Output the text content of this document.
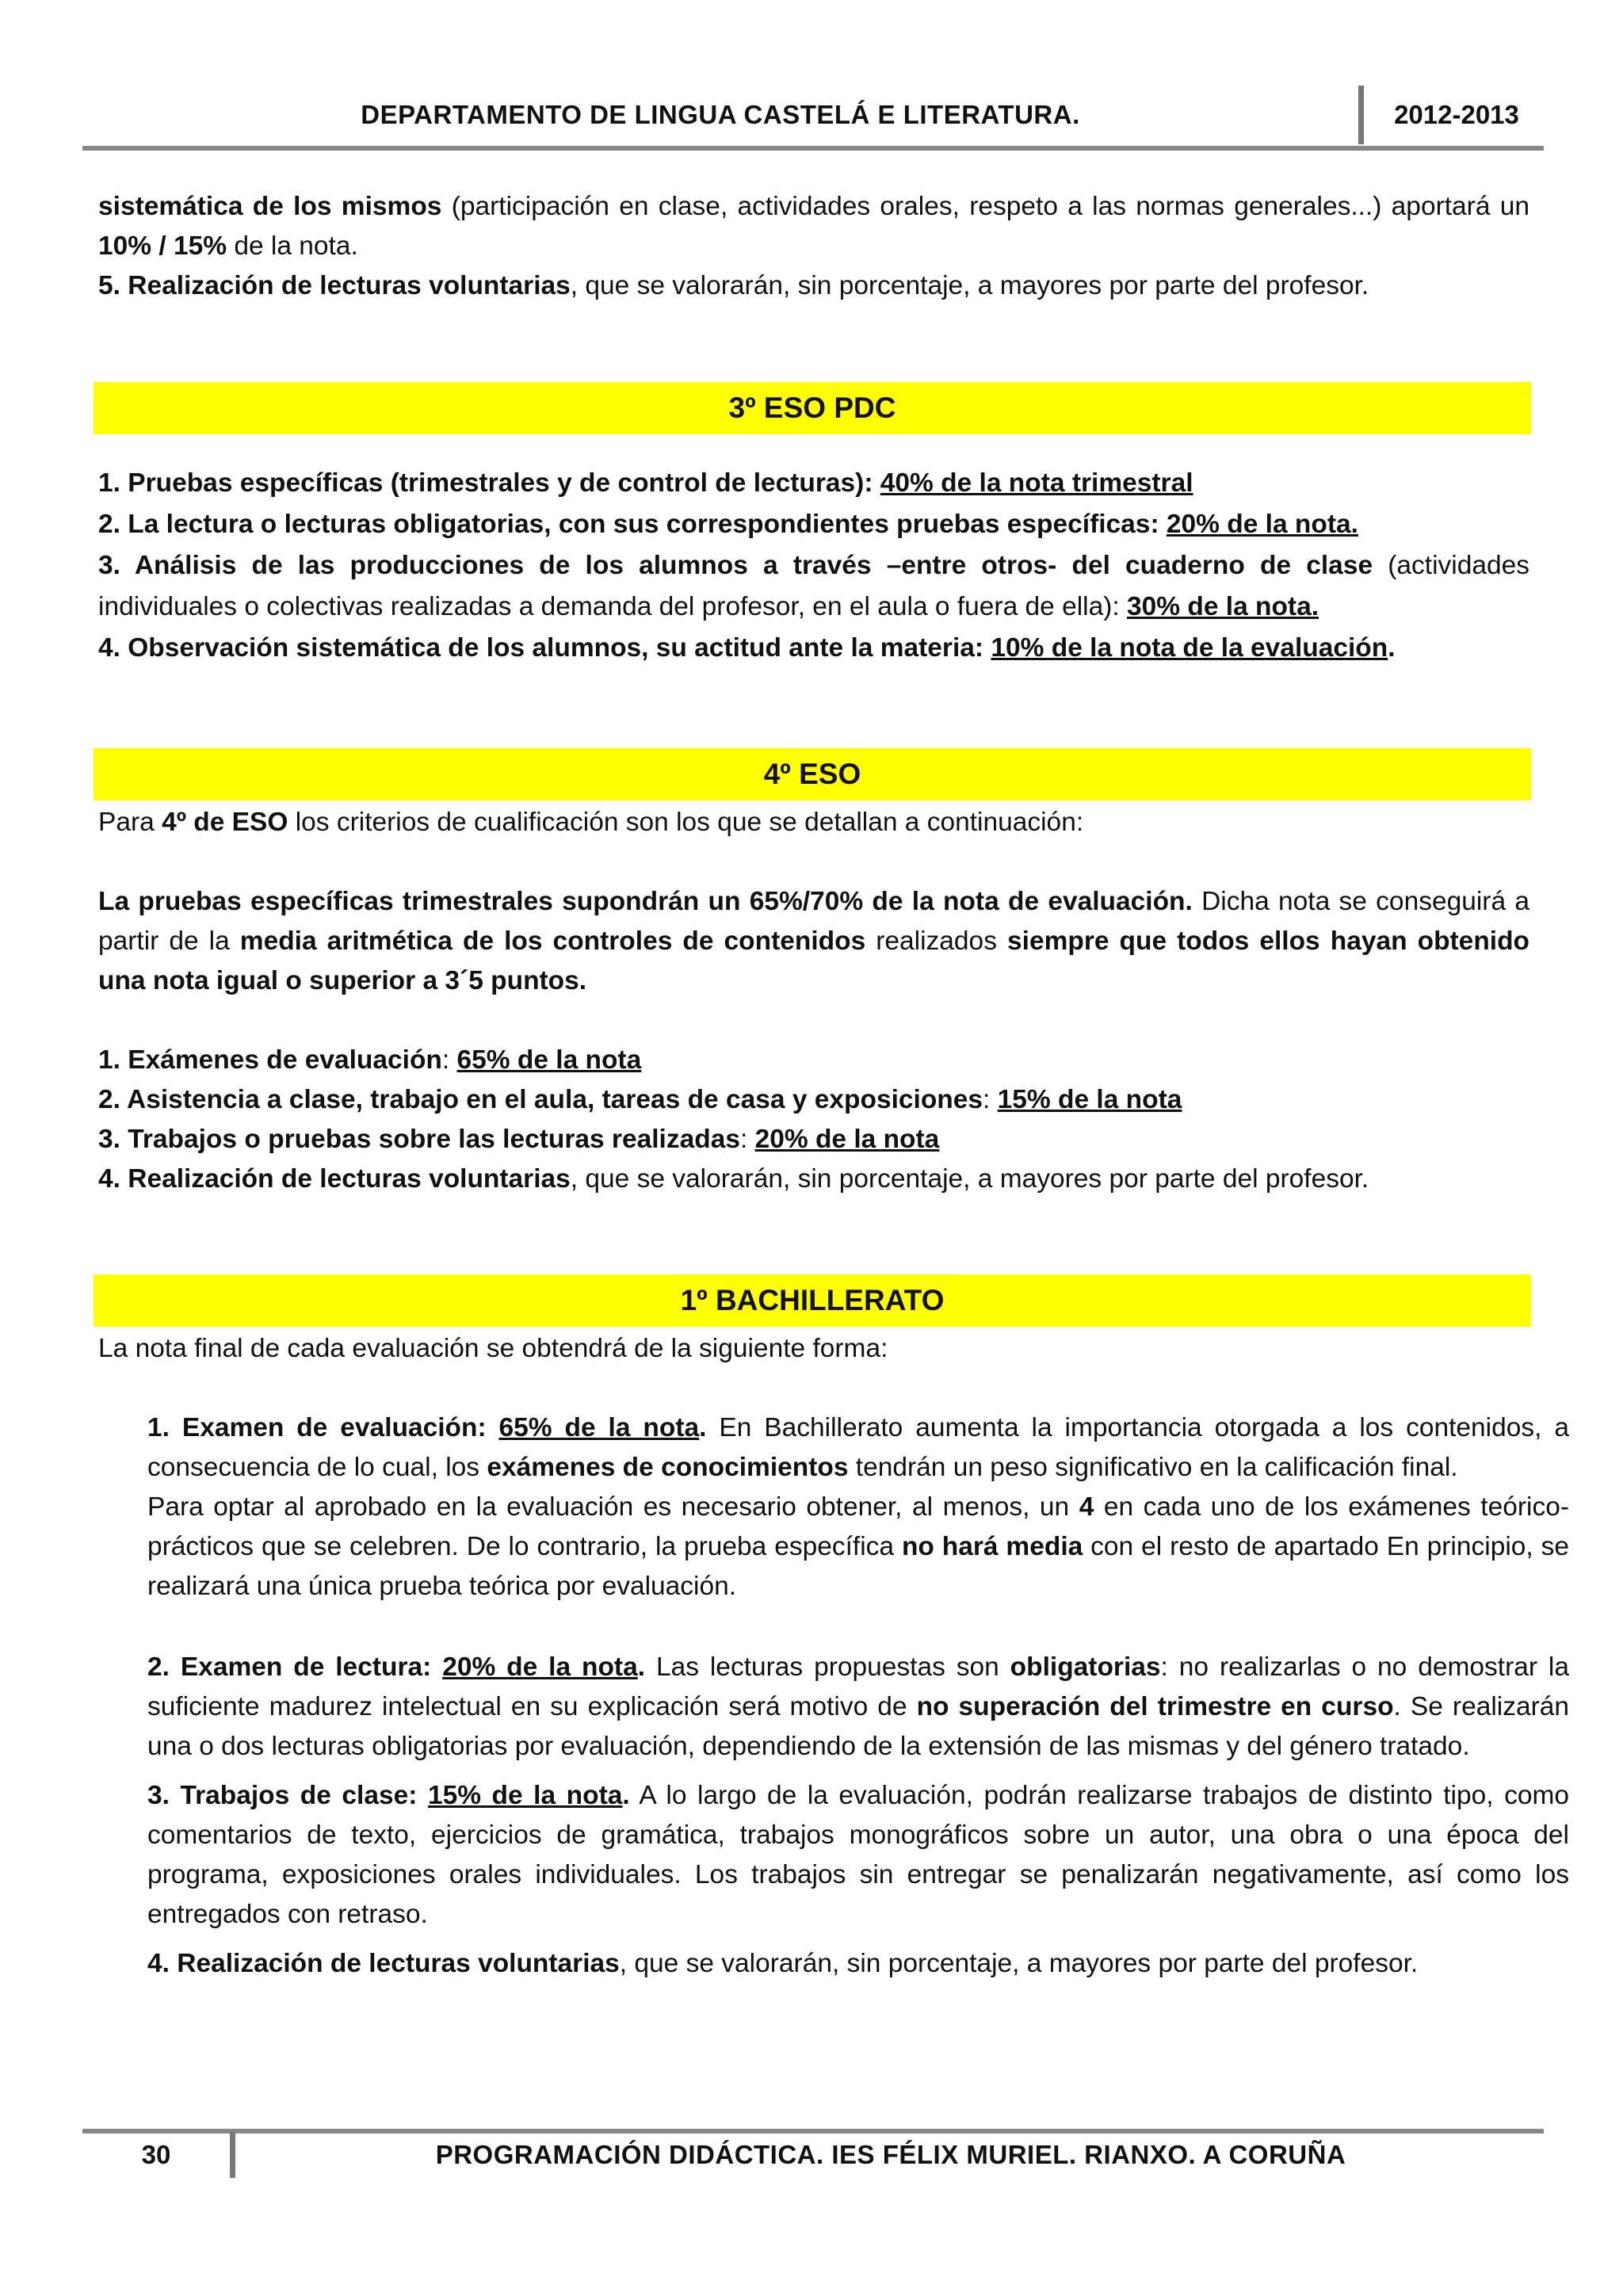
DEPARTAMENTO DE LINGUA CASTELÁ E LITERATURA.	2012-2013

sistemática de los mismos (participación en clase, actividades orales, respeto a las normas generales...) aportará un 10% / 15% de la nota.

5. Realización de lecturas voluntarias, que se valorarán, sin porcentaje, a mayores por parte del profesor.

3º ESO PDC

1. Pruebas específicas (trimestrales y de control de lecturas): 40% de la nota trimestral

2. La lectura o lecturas obligatorias, con sus correspondientes pruebas específicas: 20% de la nota.

3. Análisis de las producciones de los alumnos a través –entre otros- del cuaderno de clase (actividades individuales o colectivas realizadas a demanda del profesor, en el aula o fuera de ella): 30% de la nota.

4. Observación sistemática de los alumnos, su actitud ante la materia: 10% de la nota de la evaluación.

4º ESO

Para 4º de ESO los criterios de cualificación son los que se detallan a continuación:

La pruebas específicas trimestrales supondrán un 65%/70% de la nota de evaluación. Dicha nota se conseguirá a partir de la media aritmética de los controles de contenidos realizados siempre que todos ellos hayan obtenido una nota igual o superior a 3´5 puntos.

1. Exámenes de evaluación: 65% de la nota

2. Asistencia a clase, trabajo en el aula, tareas de casa y exposiciones: 15% de la nota

3. Trabajos o pruebas sobre las lecturas realizadas: 20% de la nota

4. Realización de lecturas voluntarias, que se valorarán, sin porcentaje, a mayores por parte del profesor.

1º BACHILLERATO
La nota final de cada evaluación se obtendrá de la siguiente forma:

1. Examen de evaluación: 65% de la nota. En Bachillerato aumenta la importancia otorgada a los contenidos, a consecuencia de lo cual, los exámenes de conocimientos tendrán un peso significativo en la calificación final.

Para optar al aprobado en la evaluación es necesario obtener, al menos, un 4 en cada uno de los exámenes teórico-prácticos que se celebren. De lo contrario, la prueba específica no hará media con el resto de apartado En principio, se realizará una única prueba teórica por evaluación.

2. Examen de lectura: 20% de la nota. Las lecturas propuestas son obligatorias: no realizarlas o no demostrar la suficiente madurez intelectual en su explicación será motivo de no superación del trimestre en curso. Se realizarán una o dos lecturas obligatorias por evaluación, dependiendo de la extensión de las mismas y del género tratado.

3. Trabajos de clase: 15% de la nota. A lo largo de la evaluación, podrán realizarse trabajos de distinto tipo, como comentarios de texto, ejercicios de gramática, trabajos monográficos sobre un autor, una obra o una época del programa, exposiciones orales individuales. Los trabajos sin entregar se penalizarán negativamente, así como los entregados con retraso.

4. Realización de lecturas voluntarias, que se valorarán, sin porcentaje, a mayores por parte del profesor.

30	PROGRAMACIÓN DIDÁCTICA. IES FÉLIX MURIEL. RIANXO. A CORUÑA
